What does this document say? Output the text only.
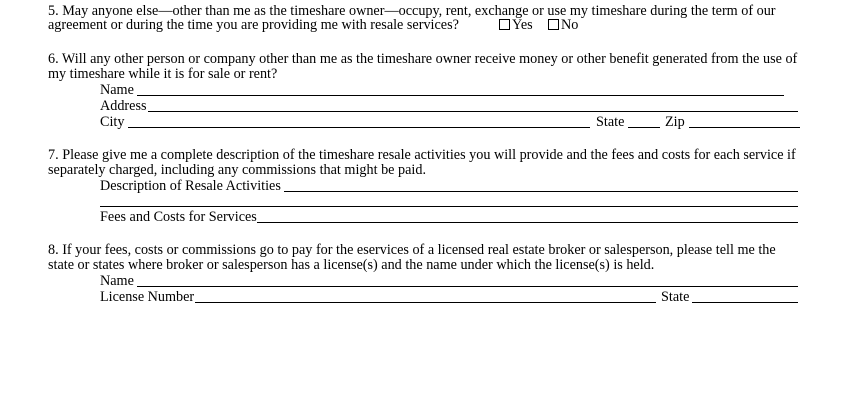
5. May anyone else—other than me as the timeshare owner—occupy, rent, exchange or use my timeshare during the term of our
agreement or during the time you are providing me with resale services?	Yes	No
6. Will any other person or company other than me as the timeshare owner receive money or other benefit generated from the use of
my timeshare while it is for sale or rent?
Name
Address
City	State	Zip
7. Please give me a complete description of the timeshare resale activities you will provide and the fees and costs for each service if
separately charged, including any commissions that might be paid.
Description of Resale Activities
Fees and Costs for Services
8. If your fees, costs or commissions go to pay for the eservices of a licensed real estate broker or salesperson, please tell me the
state or states where broker or salesperson has a license(s) and the name under which the license(s) is held.
Name
License Number	State
